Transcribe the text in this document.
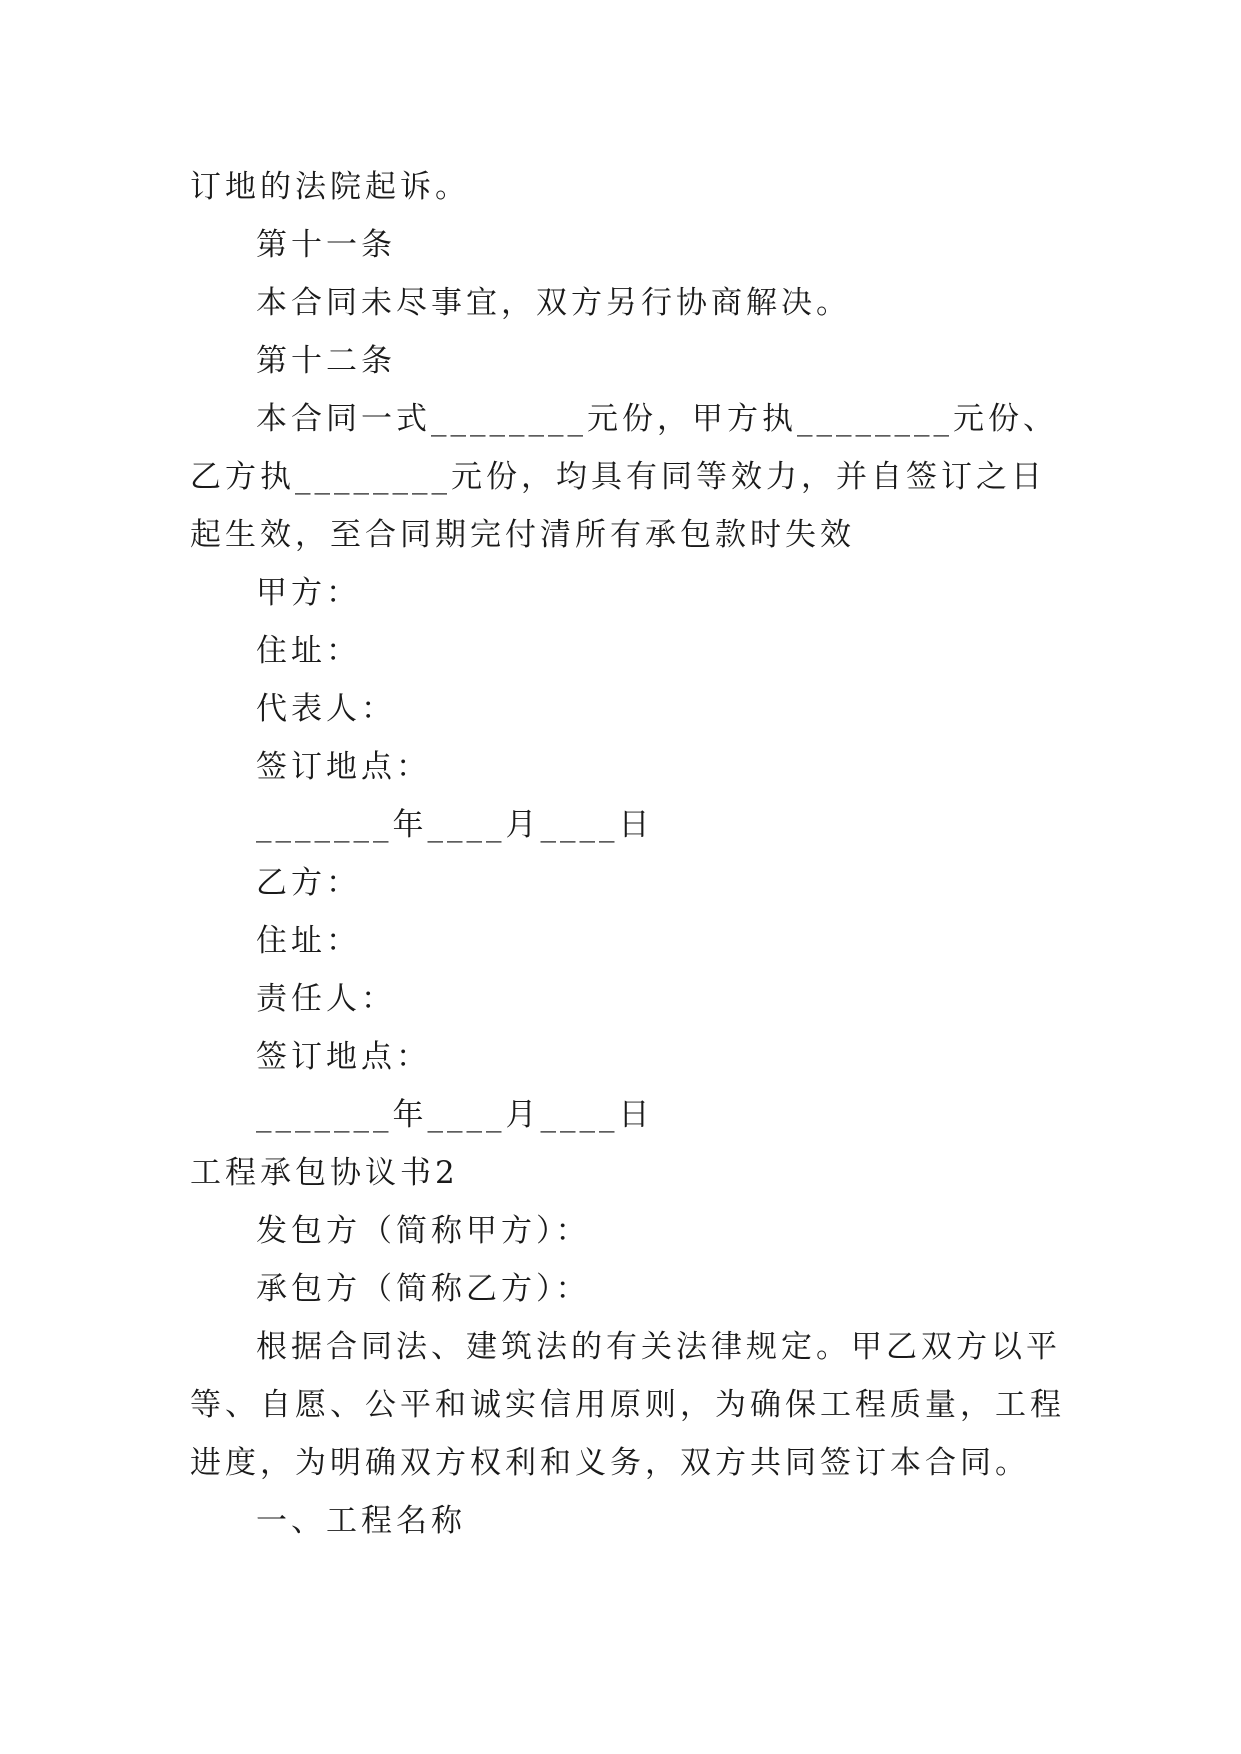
订地的法院起诉。

第十一条

本合同未尽事宜，双方另行协商解决。

第十二条

本合同一式________元份，甲方执________元份、乙方执________元份，均具有同等效力，并自签订之日起生效，至合同期完付清所有承包款时失效

甲方：

住址：

代表人：

签订地点：

_______年____月____日

乙方：

住址：

责任人：

签订地点：

_______年____月____日

工程承包协议书2

发包方（简称甲方）：

承包方（简称乙方）：

根据合同法、建筑法的有关法律规定。甲乙双方以平等、自愿、公平和诚实信用原则，为确保工程质量，工程进度，为明确双方权利和义务，双方共同签订本合同。

一、工程名称
